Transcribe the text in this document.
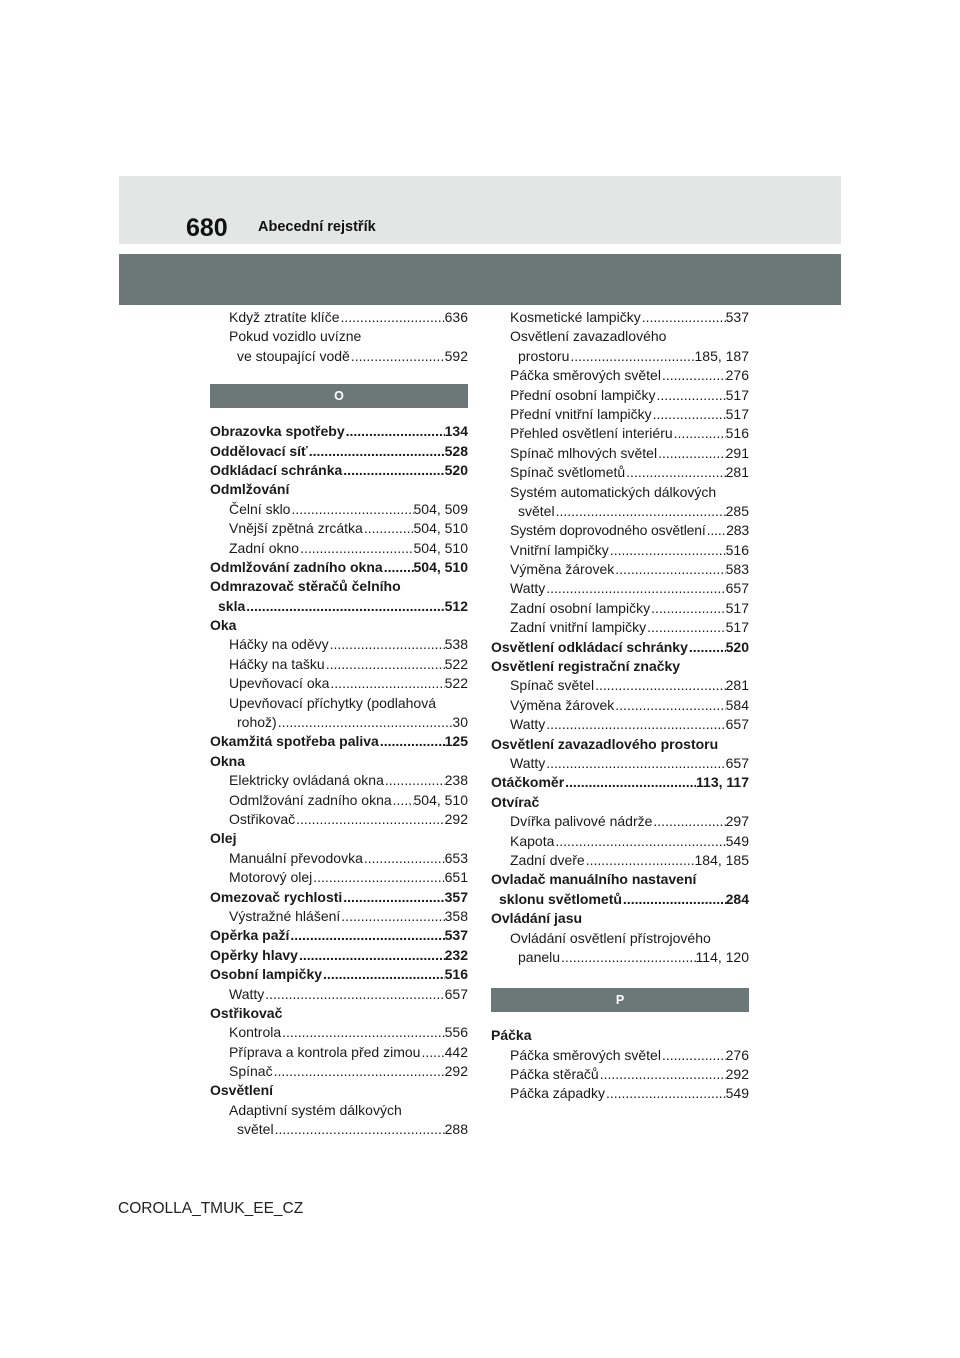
680 Abecední rejstřík
Když ztratíte klíče .....	636
Pokud vozidlo uvízne
ve stoupající vodě .....	592
O
Obrazovka spotřeby .....	134
Oddělovací síť .....	528
Odkládací schránka .....	520
Odmlžování
Čelní sklo .....	504, 509
Vnější zpětná zrcátka .....	504, 510
Zadní okno .....	504, 510
Odmlžování zadního okna ..... 504, 510
Odmrazovač stěračů čelního
skla .....	512
Oka
Háčky na oděvy .....	538
Háčky na tašku .....	522
Upevňovací oka .....	522
Upevňovací příchytky (podlahová
rohož) .....	30
Okamžitá spotřeba paliva .....	125
Okna
Elektricky ovládaná okna .....	238
Odmlžování zadního okna ..... 504, 510
Ostřikovač .....	292
Olej
Manuální převodovka .....	653
Motorový olej .....	651
Omezovač rychlosti .....	357
Výstražné hlášení .....	358
Opěrka paží .....	537
Opěrky hlavy .....	232
Osobní lampičky .....	516
Watty .....	657
Ostřikovač
Kontrola .....	556
Příprava a kontrola před zimou ..... 442
Spínač .....	292
Osvětlení
Adaptivní systém dálkových
světel .....	288
Kosmetické lampičky .....	537
Osvětlení zavazadlového
prostoru .....	185, 187
Páčka směrových světel .....	276
Přední osobní lampičky .....	517
Přední vnitřní lampičky .....	517
Přehled osvětlení interiéru .....	516
Spínač mlhových světel .....	291
Spínač světlometů .....	281
Systém automatických dálkových
světel .....	285
Systém doprovodného osvětlení ..... 283
Vnitřní lampičky .....	516
Výměna žárovek .....	583
Watty .....	657
Zadní osobní lampičky .....	517
Zadní vnitřní lampičky .....	517
Osvětlení odkládací schránky .....	520
Osvětlení registrační značky
Spínač světel .....	281
Výměna žárovek .....	584
Watty .....	657
Osvětlení zavazadlového prostoru
Watty .....	657
Otáčkoměr .....	113, 117
Otvírač
Dvířka palivové nádrže .....	297
Kapota .....	549
Zadní dveře .....	184, 185
Ovladač manuálního nastavení
sklonu světlometů .....	284
Ovládání jasu
Ovládání osvětlení přístrojového
panelu .....	114, 120
P
Páčka
Páčka směrových světel .....	276
Páčka stěračů .....	292
Páčka západky .....	549
COROLLA_TMUK_EE_CZ
